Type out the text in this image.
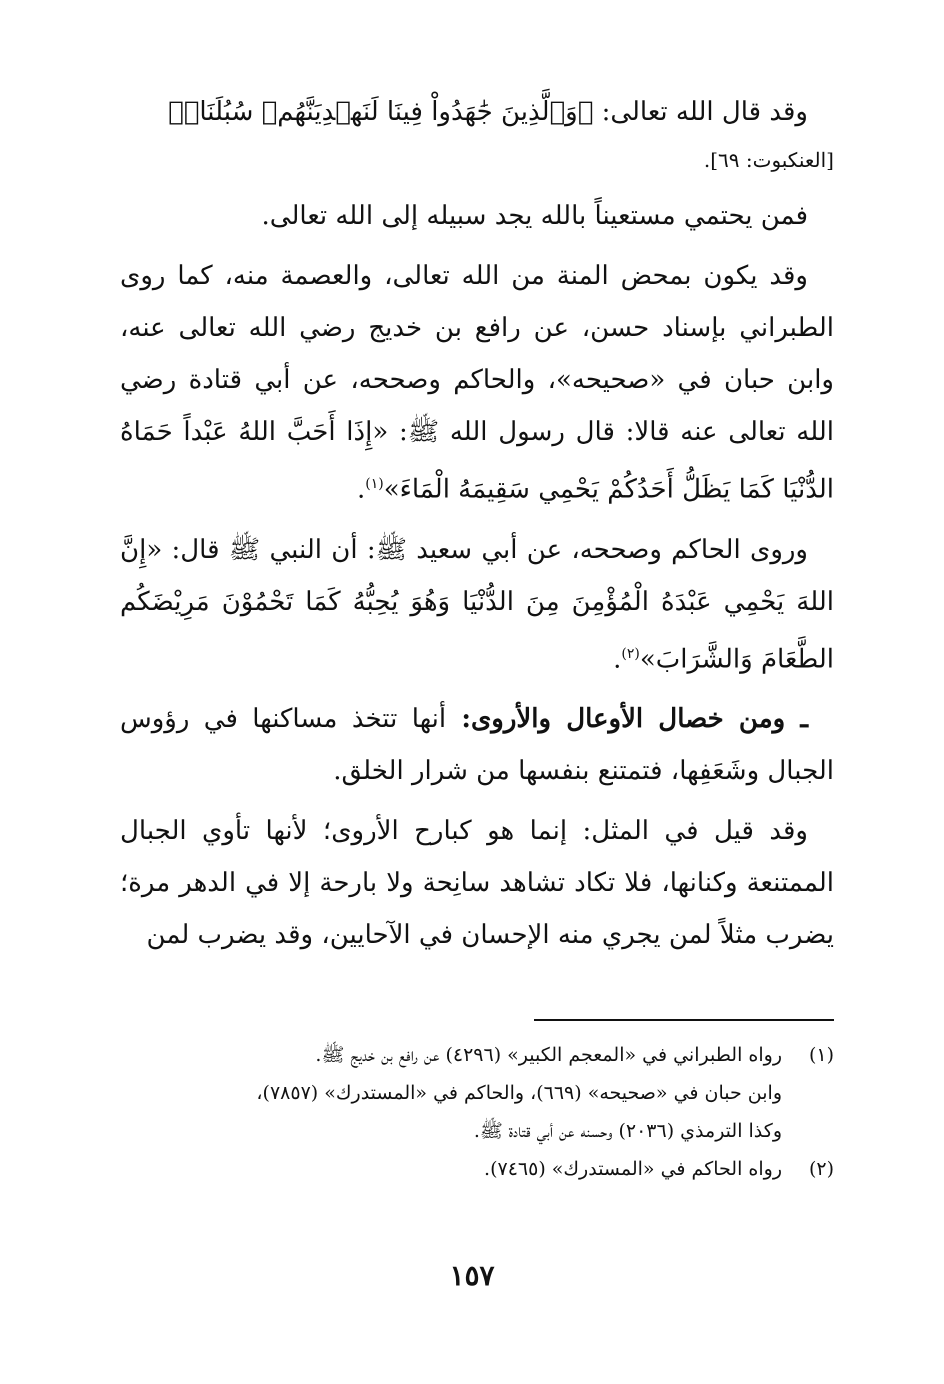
وقد قال الله تعالى: ﴿وَٱلَّذِينَ جَٰهَدُواْ فِينَا لَنَهۡدِيَنَّهُمۡ سُبُلَنَاۚ﴾
[العنكبوت: ٦٩].

فمن يحتمي مستعيناً بالله يجد سبيله إلى الله تعالى.

وقد يكون بمحض المنة من الله تعالى، والعصمة منه، كما روى الطبراني بإسناد حسن، عن رافع بن خديج رضي الله تعالى عنه، وابن حبان في «صحيحه»، والحاكم وصححه، عن أبي قتادة رضي الله تعالى عنه قالا: قال رسول الله ﷺ: «إِذَا أَحَبَّ اللهُ عَبْداً حَمَاهُ الدُّنْيَا كَمَا يَظَلُّ أَحَدُكُمْ يَحْمِي سَقِيمَهُ الْمَاءَ»$^{(١)}$.

وروى الحاكم وصححه، عن أبي سعيد ﷺ: أن النبي ﷺ قال: «إِنَّ اللهَ يَحْمِي عَبْدَهُ الْمُؤْمِنَ مِنَ الدُّنْيَا وَهُوَ يُحِبُّهُ كَمَا تَحْمُوْنَ مَرِيْضَكُم الطَّعَامَ وَالشَّرَابَ»$^{(٢)}$.

ـ ومن خصال الأوعال والأروى: أنها تتخذ مساكنها في رؤوس الجبال وشَعَفِها، فتمتنع بنفسها من شرار الخلق.

وقد قيل في المثل: إنما هو كبارح الأروى؛ لأنها تأوي الجبال الممتنعة وكنانها، فلا تكاد تشاهد سانِحة ولا بارحة إلا في الدهر مرة؛ يضرب مثلاً لمن يجري منه الإحسان في الآحايين، وقد يضرب لمن

(١)
رواه الطبراني في «المعجم الكبير» (٤٢٩٦) عن رافع بن خديج ﷺ.
وابن حبان في «صحيحه» (٦٦٩)، والحاكم في «المستدرك» (٧٨٥٧)،
وكذا الترمذي (٢٠٣٦) وحسنه عن أبي قتادة ﷺ.
(٢)
رواه الحاكم في «المستدرك» (٧٤٦٥).
١٥٧
